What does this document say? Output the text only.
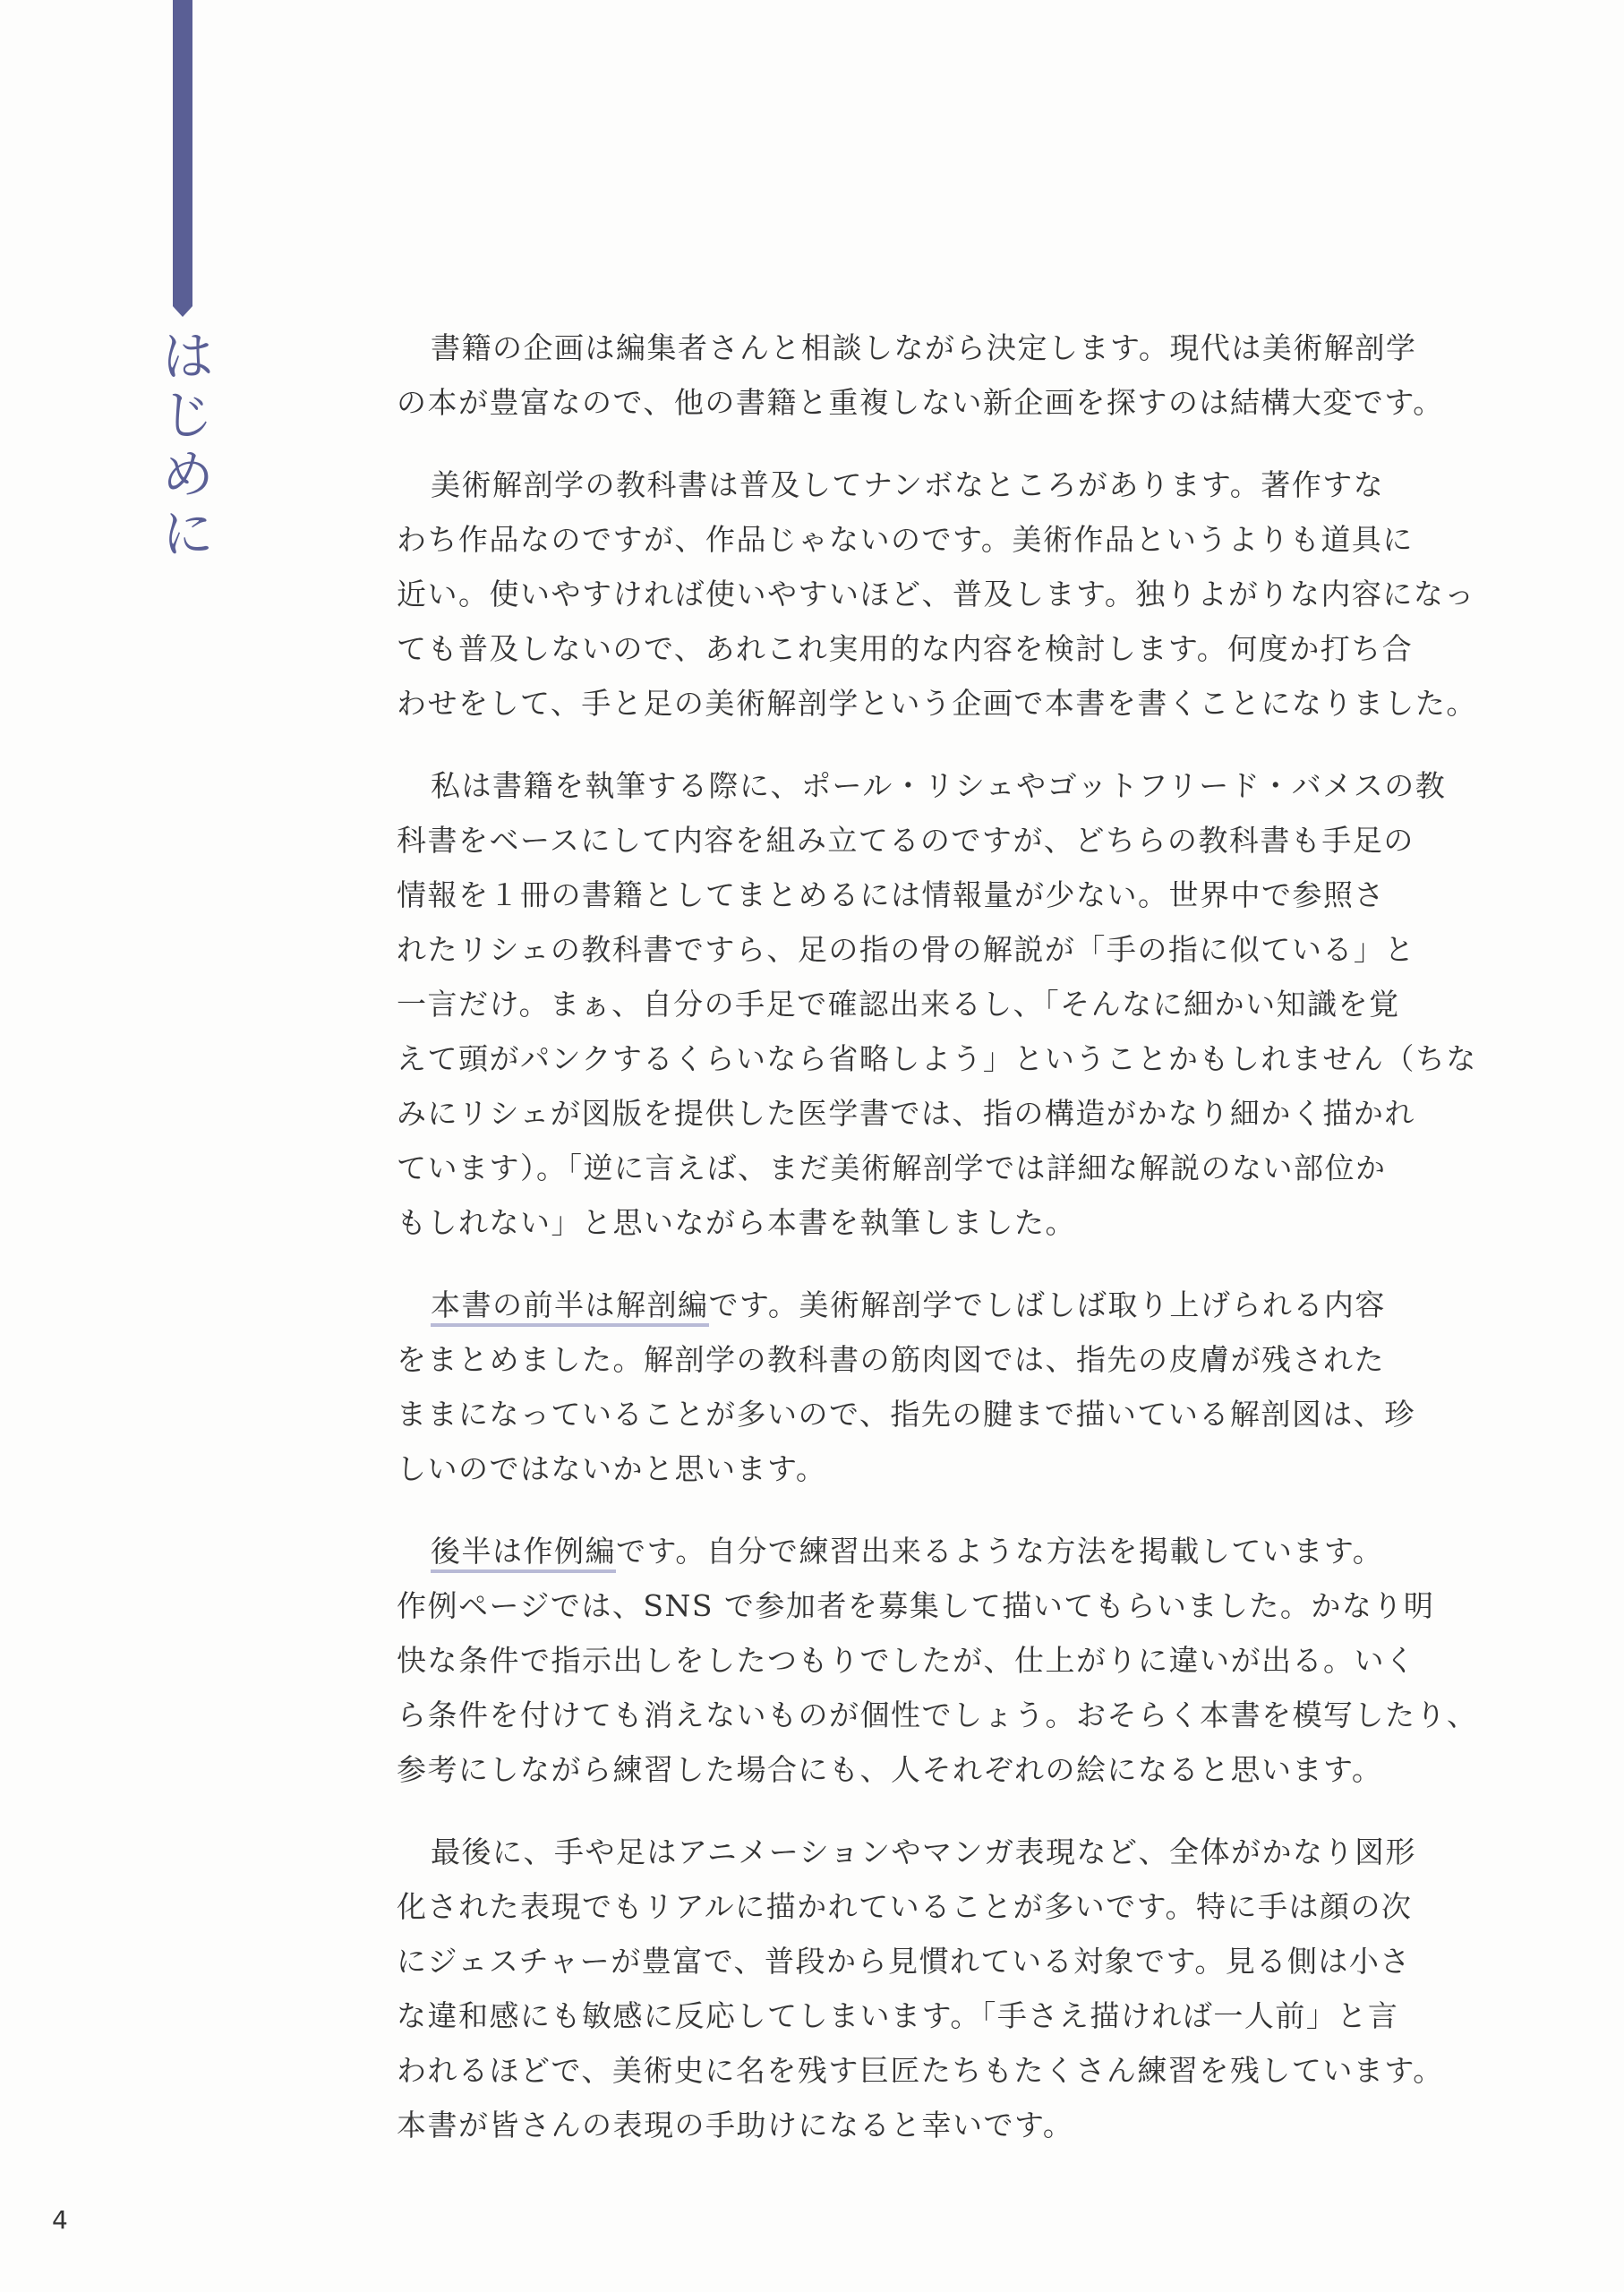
はじめに	書籍の企画は編集者さんと相談しながら決定します。現代は美術解剖学
の本が豊富なので、他の書籍と重複しない新企画を探すのは結構大変です。

美術解剖学の教科書は普及してナンボなところがあります。著作すな
わち作品なのですが、作品じゃないのです。美術作品というよりも道具に
近い。使いやすければ使いやすいほど、普及します。独りよがりな内容になっ
ても普及しないので、あれこれ実用的な内容を検討します。何度か打ち合
わせをして、手と足の美術解剖学という企画で本書を書くことになりました。

私は書籍を執筆する際に、ポール・リシェやゴットフリード・バメスの教
科書をベースにして内容を組み立てるのですが、どちらの教科書も手足の
情報を１冊の書籍としてまとめるには情報量が少ない。世界中で参照さ
れたリシェの教科書ですら、足の指の骨の解説が「手の指に似ている」と
一言だけ。まぁ、自分の手足で確認出来るし、「そんなに細かい知識を覚
えて頭がパンクするくらいなら省略しよう」ということかもしれません（ちな
みにリシェが図版を提供した医学書では、指の構造がかなり細かく描かれ
ています）。「逆に言えば、まだ美術解剖学では詳細な解説のない部位か
もしれない」と思いながら本書を執筆しました。

本書の前半は解剖編です。美術解剖学でしばしば取り上げられる内容
をまとめました。解剖学の教科書の筋肉図では、指先の皮膚が残された
ままになっていることが多いので、指先の腱まで描いている解剖図は、珍
しいのではないかと思います。

後半は作例編です。自分で練習出来るような方法を掲載しています。
作例ページでは、SNS で参加者を募集して描いてもらいました。かなり明
快な条件で指示出しをしたつもりでしたが、仕上がりに違いが出る。いく
ら条件を付けても消えないものが個性でしょう。おそらく本書を模写したり、
参考にしながら練習した場合にも、人それぞれの絵になると思います。

最後に、手や足はアニメーションやマンガ表現など、全体がかなり図形
化された表現でもリアルに描かれていることが多いです。特に手は顔の次
にジェスチャーが豊富で、普段から見慣れている対象です。見る側は小さ
な違和感にも敏感に反応してしまいます。「手さえ描ければ一人前」と言
われるほどで、美術史に名を残す巨匠たちもたくさん練習を残しています。
本書が皆さんの表現の手助けになると幸いです。

4
